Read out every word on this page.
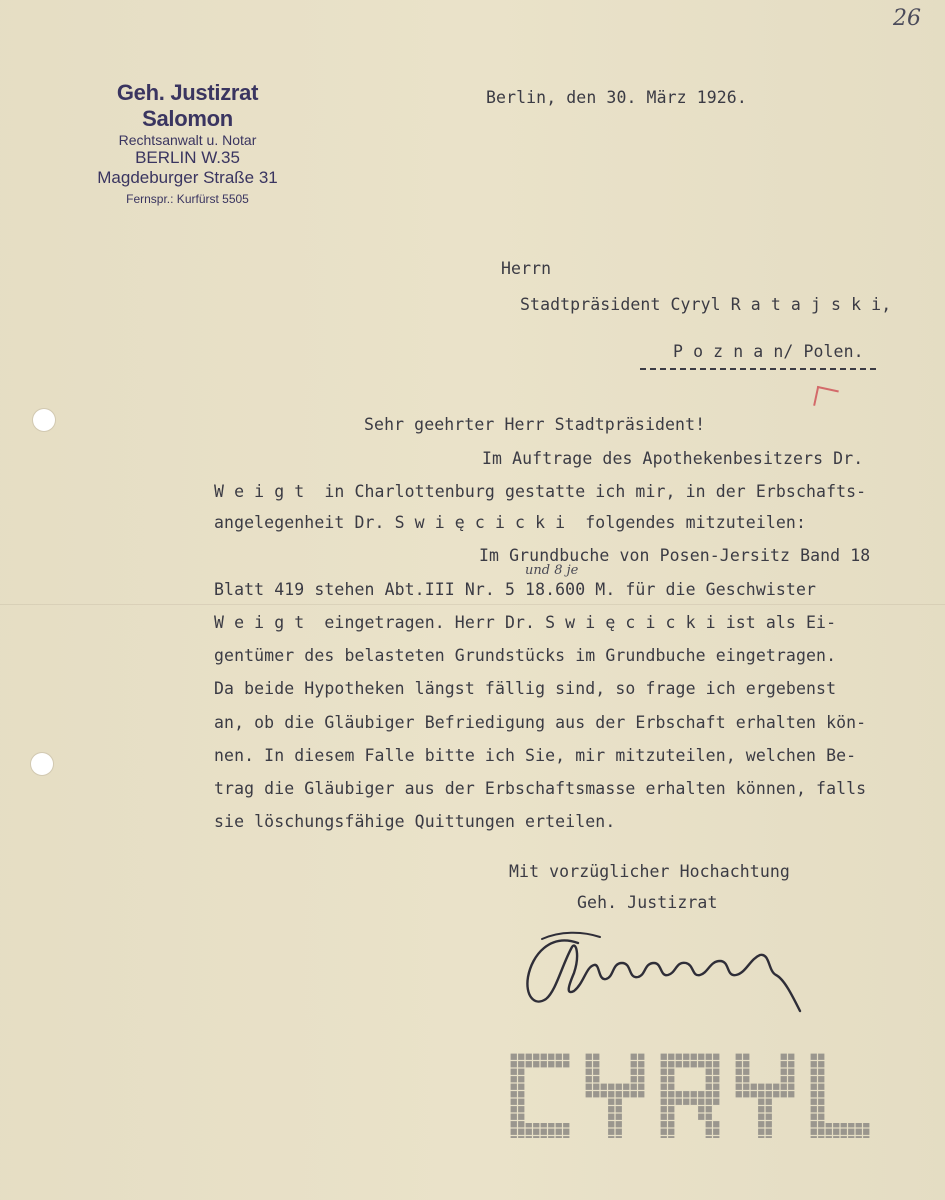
26
Geh. Justizrat Salomon
Rechtsanwalt u. Notar
BERLIN W.35
Magdeburger Straße 31
Fernspr.: Kurfürst 5505
Berlin, den 30. März 1926.
Herrn
Stadtpräsident Cyryl R a t a j s k i,
P o z n a n/ Polen.
Sehr geehrter Herr Stadtpräsident!
Im Auftrage des Apothekenbesitzers Dr.
W e i g t  in Charlottenburg gestatte ich mir, in der Erbschafts-
angelegenheit Dr. S w i ę c i c k i  folgendes mitzuteilen:
Im Grundbuche von Posen-Jersitz Band 18
und 8 je
Blatt 419 stehen Abt.III Nr. 5 18.600 M. für die Geschwister
W e i g t  eingetragen. Herr Dr. S w i ę c i c k i ist als Ei-
gentümer des belasteten Grundstücks im Grundbuche eingetragen.
Da beide Hypotheken längst fällig sind, so frage ich ergebenst
an, ob die Gläubiger Befriedigung aus der Erbschaft erhalten kön-
nen. In diesem Falle bitte ich Sie, mir mitzuteilen, welchen Be-
trag die Gläubiger aus der Erbschaftsmasse erhalten können, falls
sie löschungsfähige Quittungen erteilen.
Mit vorzüglicher Hochachtung
Geh. Justizrat
